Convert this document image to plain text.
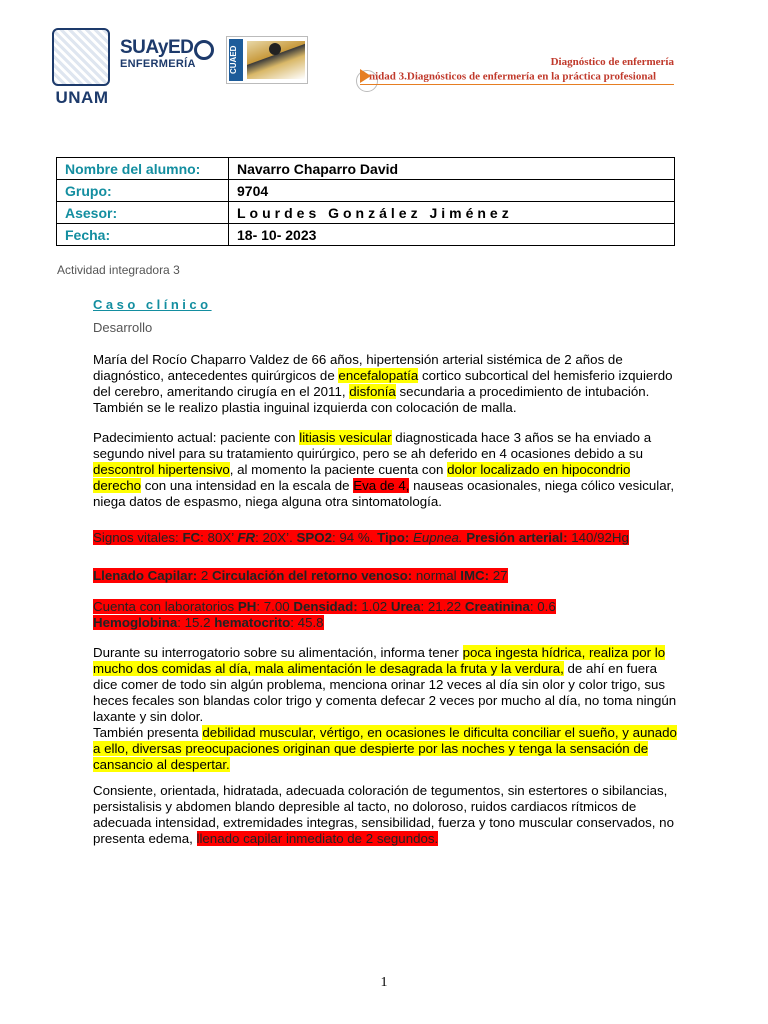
UNAM
SUAyED
ENFERMERÍA	CUAED	Diagnóstico de enfermería
nidad 3.Diagnósticos de enfermería en la práctica profesional
Nombre del alumno:	Navarro Chaparro David
Grupo:	9704
Asesor:	Lourdes González Jiménez
Fecha:	18- 10- 2023
Actividad integradora 3
Caso clínico
Desarrollo
María del Rocío Chaparro Valdez de 66 años, hipertensión arterial sistémica de 2 años de diagnóstico, antecedentes quirúrgicos de encefalopatía cortico subcortical del hemisferio izquierdo del cerebro, ameritando cirugía en el 2011, disfonía secundaria a procedimiento de intubación. También se le realizo plastia inguinal izquierda con colocación de malla.
Padecimiento actual: paciente con litiasis vesicular diagnosticada hace 3 años se ha enviado a segundo nivel para su tratamiento quirúrgico, pero se ah deferido en 4 ocasiones debido a su descontrol hipertensivo, al momento la paciente cuenta con dolor localizado en hipocondrio derecho con una intensidad en la escala de Eva de 4, nauseas ocasionales, niega cólico vesicular, niega datos de espasmo, niega alguna otra sintomatología.
Signos vitales: FC: 80X’ FR: 20X’. SPO2: 94 %. Tipo: Eupnea. Presión arterial: 140/92Hg
Llenado Capilar: 2 Circulación del retorno venoso: normal IMC: 27
Cuenta con laboratorios PH: 7.00 Densidad: 1.02 Urea: 21.22 Creatinina: 0.6
Hemoglobina: 15.2 hematocrito: 45.8
Durante su interrogatorio sobre su alimentación, informa tener poca ingesta hídrica, realiza por lo mucho dos comidas al día, mala alimentación le desagrada la fruta y la verdura, de ahí en fuera dice comer de todo sin algún problema, menciona orinar 12 veces al día sin olor y color trigo, sus heces fecales son blandas color trigo y comenta defecar 2 veces por mucho al día, no toma ningún laxante y sin dolor.
También presenta debilidad muscular, vértigo, en ocasiones le dificulta conciliar el sueño, y aunado a ello, diversas preocupaciones originan que despierte por las noches y tenga la sensación de cansancio al despertar.
Consiente, orientada, hidratada, adecuada coloración de tegumentos, sin estertores o sibilancias, persistalisis y abdomen blando depresible al tacto, no doloroso, ruidos cardiacos rítmicos de adecuada intensidad, extremidades integras, sensibilidad, fuerza y tono muscular conservados, no presenta edema, llenado capilar inmediato de 2 segundos.
1
